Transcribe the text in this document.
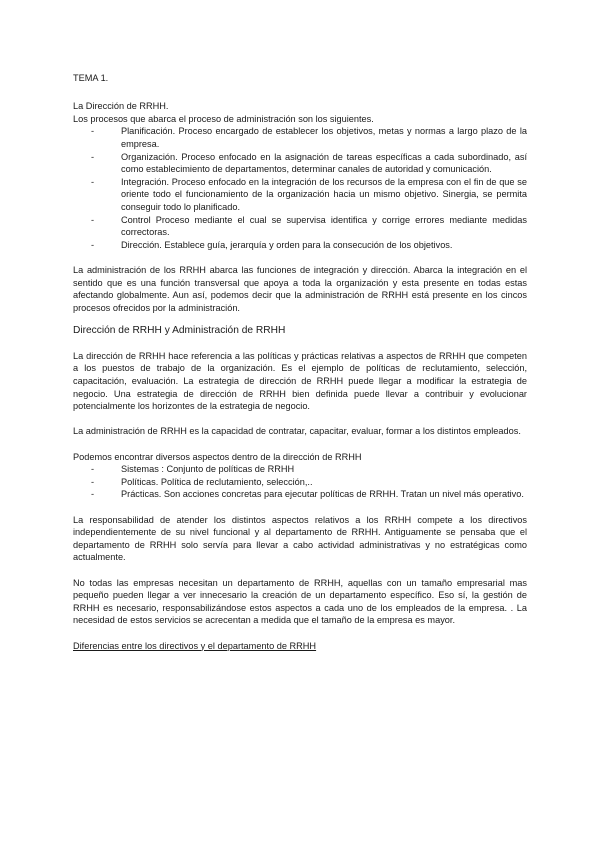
TEMA 1.

La Dirección de RRHH.

Los procesos que abarca el proceso de administración son los siguientes.

- Planificación. Proceso encargado de establecer los objetivos, metas y normas a largo plazo de la empresa.
- Organización. Proceso enfocado en la asignación de tareas específicas a cada subordinado, así como establecimiento de departamentos, determinar canales de autoridad y comunicación.
- Integración. Proceso enfocado en la integración de los recursos de la empresa con el fin de que se oriente todo el funcionamiento de la organización hacia un mismo objetivo. Sinergia, se permita conseguir todo lo planificado.
- Control Proceso mediante el cual se supervisa identifica y corrige errores mediante medidas correctoras.
- Dirección. Establece guía, jerarquía y orden para la consecución de los objetivos.

La administración de los RRHH abarca las funciones de integración y dirección. Abarca la integración en el sentido que es una función transversal que apoya a toda la organización y esta presente en todas estas afectando globalmente. Aun así, podemos decir que la administración de RRHH está presente en los cincos procesos ofrecidos por la administración.

Dirección de RRHH y Administración de RRHH

La dirección de RRHH hace referencia a las políticas y prácticas relativas a aspectos de RRHH que competen a los puestos de trabajo de la organización. Es el ejemplo de políticas de reclutamiento, selección, capacitación, evaluación. La estrategia de dirección de RRHH puede llegar a modificar la estrategia de negocio. Una estrategia de dirección de RRHH bien definida puede llevar a contribuir y evolucionar potencialmente los horizontes de la estrategia de negocio.

La administración de RRHH es la capacidad de contratar, capacitar, evaluar, formar a los distintos empleados.

Podemos encontrar diversos aspectos dentro de la dirección de RRHH

- Sistemas : Conjunto de políticas de RRHH
- Políticas. Política de reclutamiento, selección,..
- Prácticas. Son acciones concretas para ejecutar políticas de RRHH. Tratan un nivel más operativo.

La responsabilidad de atender los distintos aspectos relativos a los RRHH compete a los directivos independientemente de su nivel funcional y al departamento de RRHH. Antiguamente se pensaba que el departamento de RRHH solo servía para llevar a cabo actividad administrativas y no estratégicas como actualmente.

No todas las empresas necesitan un departamento de RRHH, aquellas con un tamaño empresarial mas pequeño pueden llegar a ver innecesario la creación de un departamento específico. Eso sí, la gestión de RRHH es necesario, responsabilizándose estos aspectos a cada uno de los empleados de la empresa. . La necesidad de estos servicios se acrecentan a medida que el tamaño de la empresa es mayor.

Diferencias entre los directivos y el departamento de RRHH
